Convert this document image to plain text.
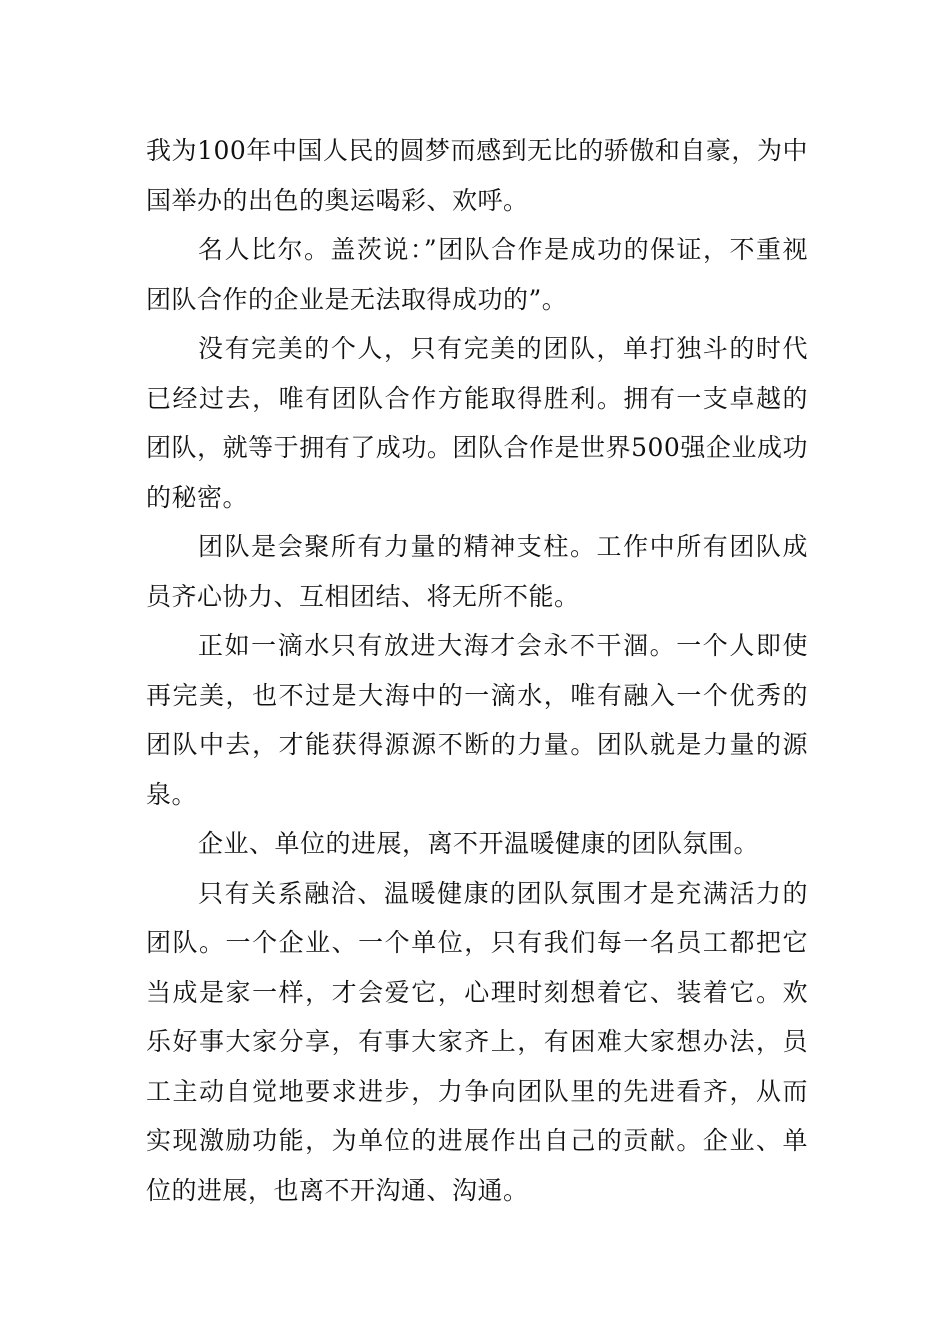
我为100年中国人民的圆梦而感到无比的骄傲和自豪，为中国举办的出色的奥运喝彩、欢呼。

名人比尔。盖茨说：”团队合作是成功的保证，不重视团队合作的企业是无法取得成功的”。

没有完美的个人，只有完美的团队，单打独斗的时代已经过去，唯有团队合作方能取得胜利。拥有一支卓越的团队，就等于拥有了成功。团队合作是世界500强企业成功的秘密。

团队是会聚所有力量的精神支柱。工作中所有团队成员齐心协力、互相团结、将无所不能。

正如一滴水只有放进大海才会永不干涸。一个人即使再完美，也不过是大海中的一滴水，唯有融入一个优秀的团队中去，才能获得源源不断的力量。团队就是力量的源泉。

企业、单位的进展，离不开温暖健康的团队氛围。

只有关系融洽、温暖健康的团队氛围才是充满活力的团队。一个企业、一个单位，只有我们每一名员工都把它当成是家一样，才会爱它，心理时刻想着它、装着它。欢乐好事大家分享，有事大家齐上，有困难大家想办法，员工主动自觉地要求进步，力争向团队里的先进看齐，从而实现激励功能，为单位的进展作出自己的贡献。企业、单位的进展，也离不开沟通、沟通。
